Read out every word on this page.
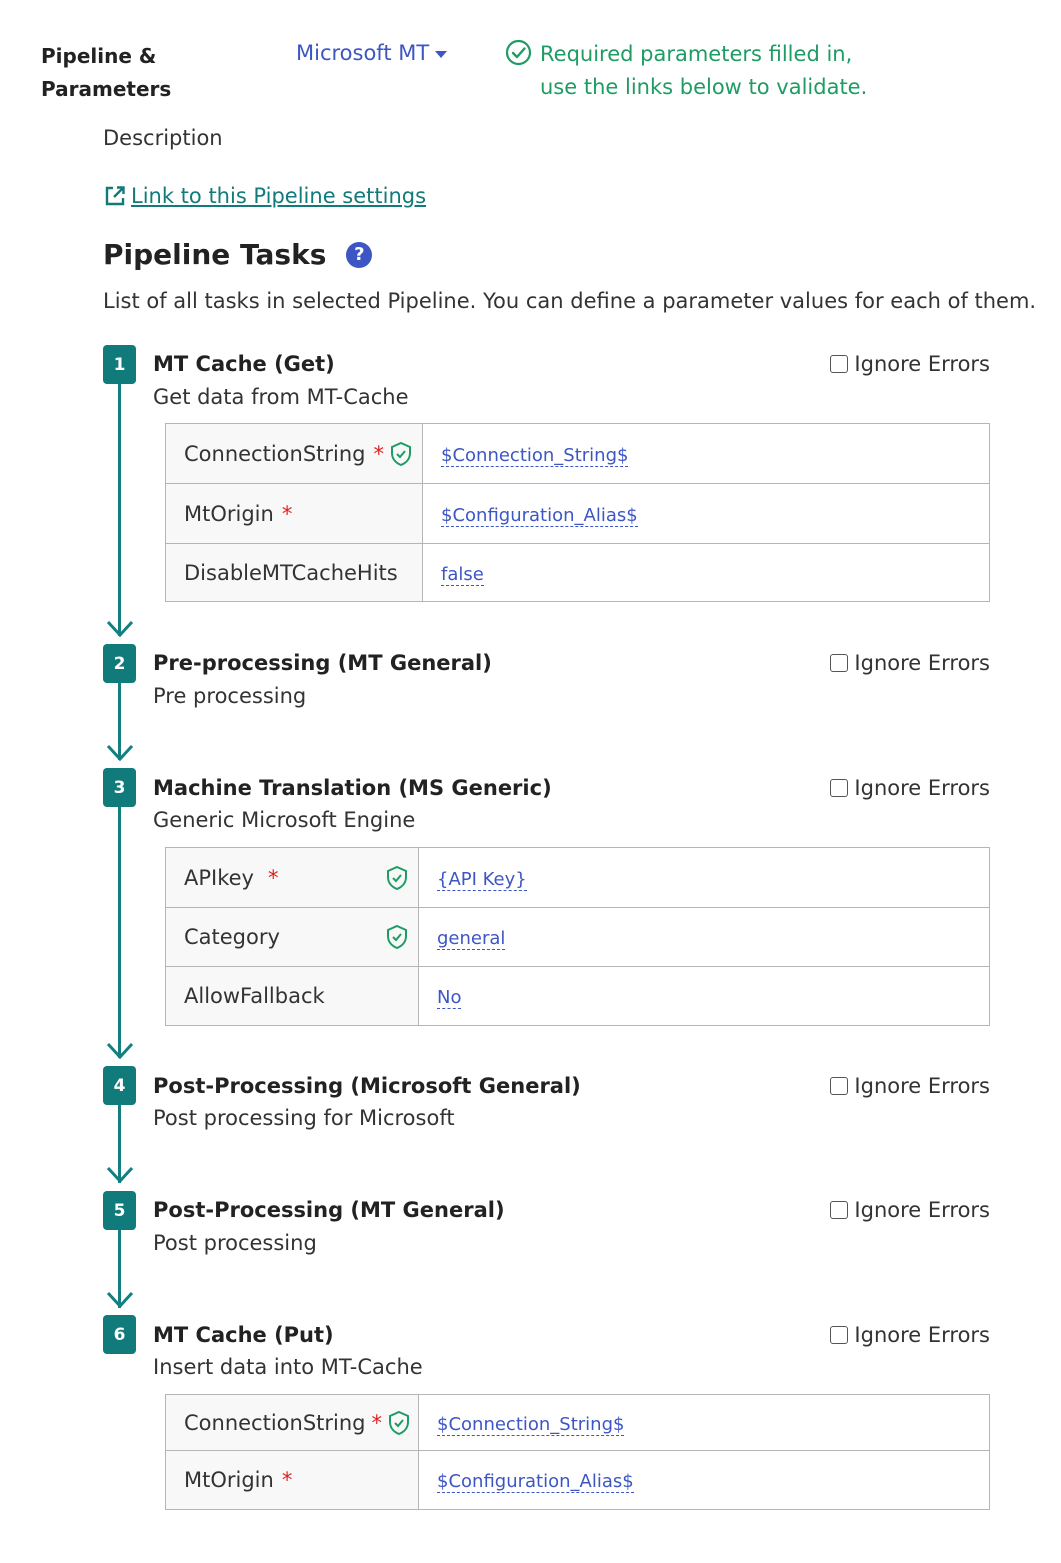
Pipeline &
Parameters
Microsoft MT	Required parameters filled in,
use the links below to validate.
Description
Link to this Pipeline settings
Pipeline Tasks	?
List of all tasks in selected Pipeline. You can define a parameter values for each of them.
1	MT Cache (Get)
Get data from MT-Cache
Ignore Errors
ConnectionString *	$Connection_String$
MtOrigin *	$Configuration_Alias$
DisableMTCacheHits	false
2	Pre-processing (MT General)
Pre processing
Ignore Errors
3	Machine Translation (MS Generic)
Generic Microsoft Engine
Ignore Errors
APIkey *	{API Key}
Category	general
AllowFallback	No
4	Post-Processing (Microsoft General)
Post processing for Microsoft
Ignore Errors
5	Post-Processing (MT General)
Post processing
Ignore Errors
6	MT Cache (Put)
Insert data into MT-Cache
Ignore Errors
ConnectionString *	$Connection_String$
MtOrigin *	$Configuration_Alias$
